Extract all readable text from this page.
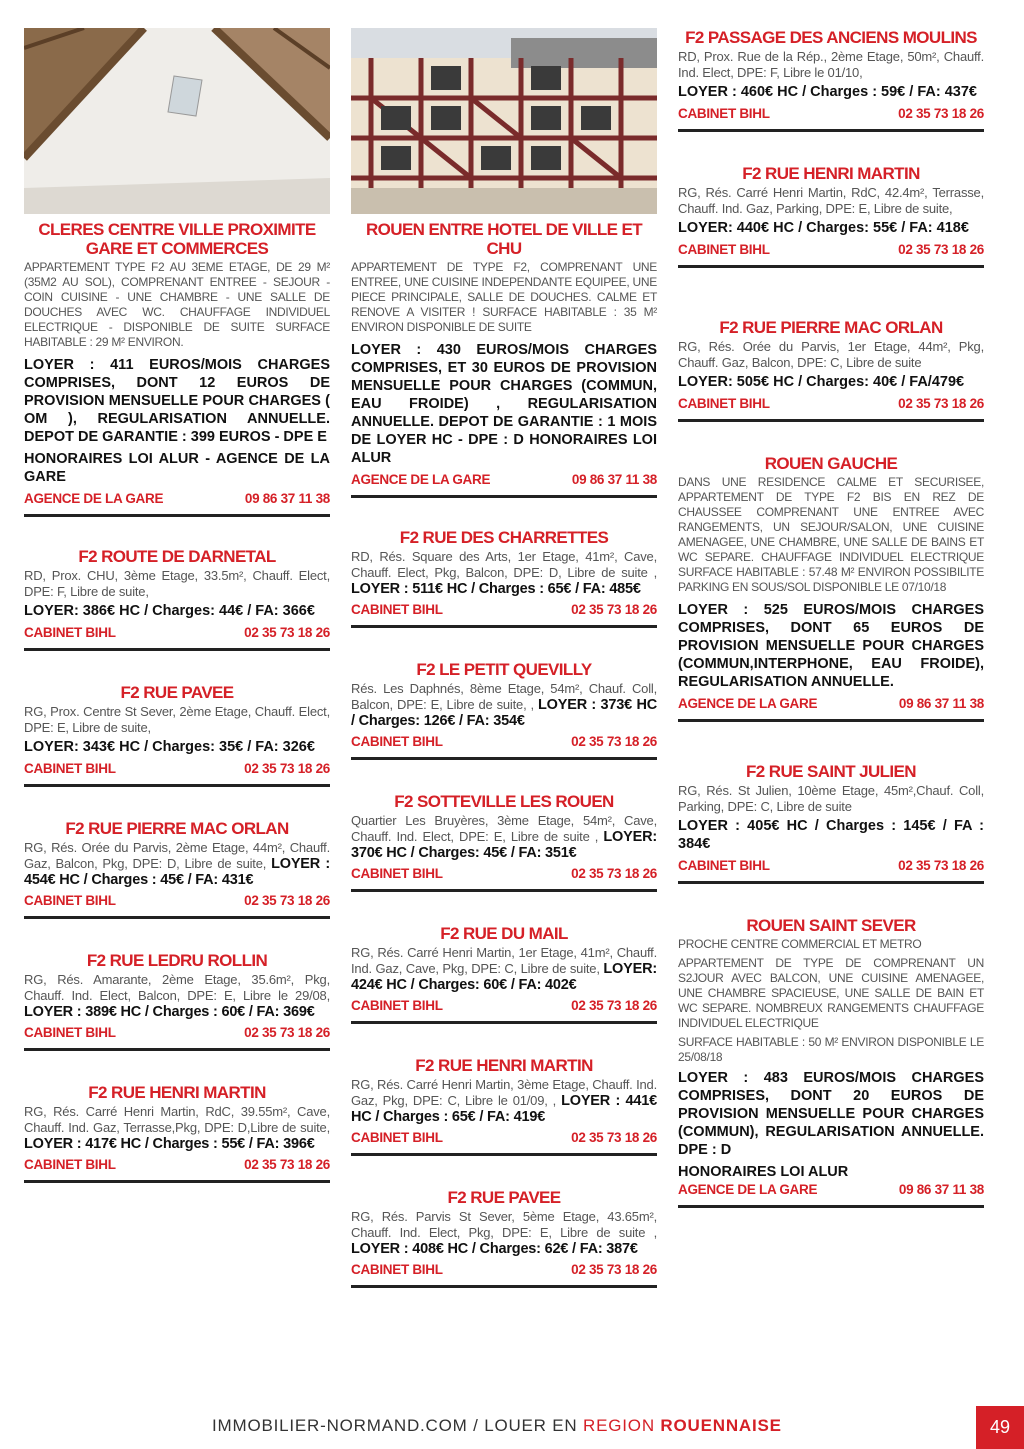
CLERES CENTRE VILLE PROXIMITE GARE ET COMMERCES
APPARTEMENT TYPE F2 AU 3EME ETAGE, DE 29 M² (35M2 AU SOL), COMPRENANT ENTREE - SEJOUR - COIN CUISINE - UNE CHAMBRE - UNE SALLE DE DOUCHES AVEC WC. CHAUFFAGE INDIVIDUEL ELECTRIQUE - DISPONIBLE DE SUITE SURFACE HABITABLE : 29 M² ENVIRON.
LOYER : 411 EUROS/MOIS CHARGES COMPRISES, DONT 12 EUROS DE PROVISION MENSUELLE POUR CHARGES ( OM ), REGULARISATION ANNUELLE. DEPOT DE GARANTIE : 399 EUROS - DPE E
HONORAIRES LOI ALUR - AGENCE DE LA GARE
AGENCE DE LA GARE	09 86 37 11 38
F2 ROUTE DE DARNETAL
RD, Prox. CHU, 3ème Etage, 33.5m², Chauff. Elect, DPE: F, Libre de suite,
LOYER: 386€ HC / Charges: 44€ / FA: 366€
CABINET BIHL	02 35 73 18 26
F2 RUE PAVEE
RG, Prox. Centre St Sever, 2ème Etage, Chauff. Elect, DPE: E, Libre de suite,
LOYER: 343€ HC / Charges: 35€ / FA: 326€
CABINET BIHL	02 35 73 18 26
F2 RUE PIERRE MAC ORLAN
RG, Rés. Orée du Parvis, 2ème Etage, 44m², Chauff. Gaz, Balcon, Pkg, DPE: D, Libre de suite, LOYER : 454€ HC / Charges : 45€ / FA: 431€
CABINET BIHL	02 35 73 18 26
F2 RUE LEDRU ROLLIN
RG, Rés. Amarante, 2ème Etage, 35.6m², Pkg, Chauff. Ind. Elect, Balcon, DPE: E, Libre le 29/08, LOYER : 389€ HC / Charges : 60€ / FA: 369€
CABINET BIHL	02 35 73 18 26
F2 RUE HENRI MARTIN
RG, Rés. Carré Henri Martin, RdC, 39.55m², Cave, Chauff. Ind. Gaz, Terrasse,Pkg, DPE: D,Libre de suite, LOYER : 417€ HC / Charges : 55€ / FA: 396€
CABINET BIHL	02 35 73 18 26
ROUEN ENTRE HOTEL DE VILLE ET CHU
APPARTEMENT DE TYPE F2, COMPRENANT UNE ENTREE, UNE CUISINE INDEPENDANTE EQUIPEE, UNE PIECE PRINCIPALE, SALLE DE DOUCHES. CALME ET RENOVE A VISITER ! SURFACE HABITABLE : 35 M² ENVIRON DISPONIBLE DE SUITE
LOYER : 430 EUROS/MOIS CHARGES COMPRISES, ET 30 EUROS DE PROVISION MENSUELLE POUR CHARGES (COMMUN, EAU FROIDE) , REGULARISATION ANNUELLE. DEPOT DE GARANTIE : 1 MOIS DE LOYER HC - DPE : D HONORAIRES LOI ALUR
AGENCE DE LA GARE	09 86 37 11 38
F2 RUE DES CHARRETTES
RD, Rés. Square des Arts, 1er Etage, 41m², Cave, Chauff. Elect, Pkg, Balcon, DPE: D, Libre de suite , LOYER : 511€ HC / Charges : 65€ / FA: 485€
CABINET BIHL	02 35 73 18 26
F2 LE PETIT QUEVILLY
Rés. Les Daphnés, 8ème Etage, 54m², Chauf. Coll, Balcon, DPE: E, Libre de suite, , LOYER : 373€ HC / Charges: 126€ / FA: 354€
CABINET BIHL	02 35 73 18 26
F2 SOTTEVILLE LES ROUEN
Quartier Les Bruyères, 3ème Etage, 54m², Cave, Chauff. Ind. Elect, DPE: E, Libre de suite , LOYER: 370€ HC / Charges: 45€ / FA: 351€
CABINET BIHL	02 35 73 18 26
F2 RUE DU MAIL
RG, Rés. Carré Henri Martin, 1er Etage, 41m², Chauff. Ind. Gaz, Cave, Pkg, DPE: C, Libre de suite, LOYER: 424€ HC / Charges: 60€ / FA: 402€
CABINET BIHL	02 35 73 18 26
F2 RUE HENRI MARTIN
RG, Rés. Carré Henri Martin, 3ème Etage, Chauff. Ind. Gaz, Pkg, DPE: C, Libre le 01/09, , LOYER : 441€ HC / Charges : 65€ / FA: 419€
CABINET BIHL	02 35 73 18 26
F2 RUE PAVEE
RG, Rés. Parvis St Sever, 5ème Etage, 43.65m², Chauff. Ind. Elect, Pkg, DPE: E, Libre de suite , LOYER : 408€ HC / Charges: 62€ / FA: 387€
CABINET BIHL	02 35 73 18 26
F2 PASSAGE DES ANCIENS MOULINS
RD, Prox. Rue de la Rép., 2ème Etage, 50m², Chauff. Ind. Elect, DPE: F, Libre le 01/10,
LOYER : 460€ HC / Charges : 59€ / FA: 437€
CABINET BIHL	02 35 73 18 26
F2 RUE HENRI MARTIN
RG, Rés. Carré Henri Martin, RdC, 42.4m², Terrasse, Chauff. Ind. Gaz, Parking, DPE: E, Libre de suite,
LOYER: 440€ HC / Charges: 55€ / FA: 418€
CABINET BIHL	02 35 73 18 26
F2 RUE PIERRE MAC ORLAN
RG, Rés. Orée du Parvis, 1er Etage, 44m², Pkg, Chauff. Gaz, Balcon, DPE: C, Libre de suite
LOYER: 505€ HC / Charges: 40€ / FA/479€
CABINET BIHL	02 35 73 18 26
ROUEN GAUCHE
DANS UNE RESIDENCE CALME ET SECURISEE, APPARTEMENT DE TYPE F2 BIS EN REZ DE CHAUSSEE COMPRENANT UNE ENTREE AVEC RANGEMENTS, UN SEJOUR/SALON, UNE CUISINE AMENAGEE, UNE CHAMBRE, UNE SALLE DE BAINS ET WC SEPARE. CHAUFFAGE INDIVIDUEL ELECTRIQUE SURFACE HABITABLE : 57.48 M² ENVIRON POSSIBILITE PARKING EN SOUS/SOL DISPONIBLE LE 07/10/18
LOYER : 525 EUROS/MOIS CHARGES COMPRISES, DONT 65 EUROS DE PROVISION MENSUELLE POUR CHARGES (COMMUN,INTERPHONE, EAU FROIDE), REGULARISATION ANNUELLE.
AGENCE DE LA GARE	09 86 37 11 38
F2 RUE SAINT JULIEN
RG, Rés. St Julien, 10ème Etage, 45m²,Chauf. Coll, Parking, DPE: C, Libre de suite
LOYER : 405€ HC / Charges : 145€ / FA : 384€
CABINET BIHL	02 35 73 18 26
ROUEN SAINT SEVER
PROCHE CENTRE COMMERCIAL ET METRO
APPARTEMENT DE TYPE DE COMPRENANT UN S2JOUR AVEC BALCON, UNE CUISINE AMENAGEE, UNE CHAMBRE SPACIEUSE, UNE SALLE DE BAIN ET WC SEPARE. NOMBREUX RANGEMENTS CHAUFFAGE INDIVIDUEL ELECTRIQUE
SURFACE HABITABLE : 50 M² ENVIRON DISPONIBLE LE 25/08/18
LOYER : 483 EUROS/MOIS CHARGES COMPRISES, DONT 20 EUROS DE PROVISION MENSUELLE POUR CHARGES (COMMUN), REGULARISATION ANNUELLE. DPE : D
HONORAIRES LOI ALUR
AGENCE DE LA GARE	09 86 37 11 38
IMMOBILIER-NORMAND.COM / LOUER EN REGION ROUENNAISE	49
